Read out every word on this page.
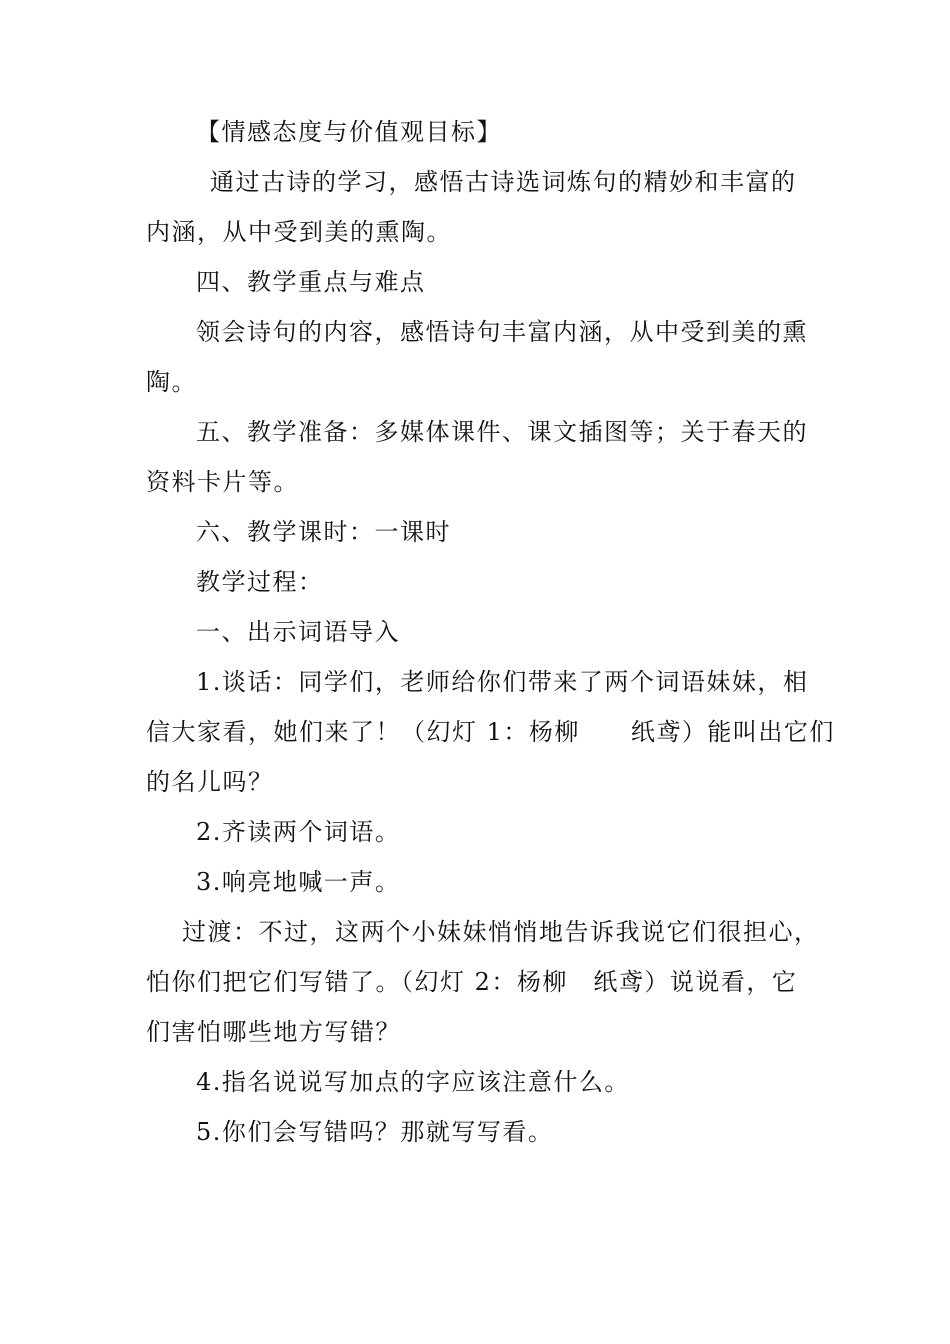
【情感态度与价值观目标】
通过古诗的学习，感悟古诗选词炼句的精妙和丰富的
内涵，从中受到美的熏陶。
四、教学重点与难点
领会诗句的内容，感悟诗句丰富内涵，从中受到美的熏
陶。
五、教学准备：多媒体课件、课文插图等；关于春天的
资料卡片等。
六、教学课时：一课时
教学过程：
一、出示词语导入
1.谈话：同学们，老师给你们带来了两个词语妹妹，相
信大家看，她们来了！（幻灯 1：杨柳　　纸鸢）能叫出它们
的名儿吗？
2.齐读两个词语。
3.响亮地喊一声。
过渡：不过，这两个小妹妹悄悄地告诉我说它们很担心，
怕你们把它们写错了。（幻灯 2：杨柳　纸鸢）说说看，它
们害怕哪些地方写错？
4.指名说说写加点的字应该注意什么。
5.你们会写错吗？那就写写看。
